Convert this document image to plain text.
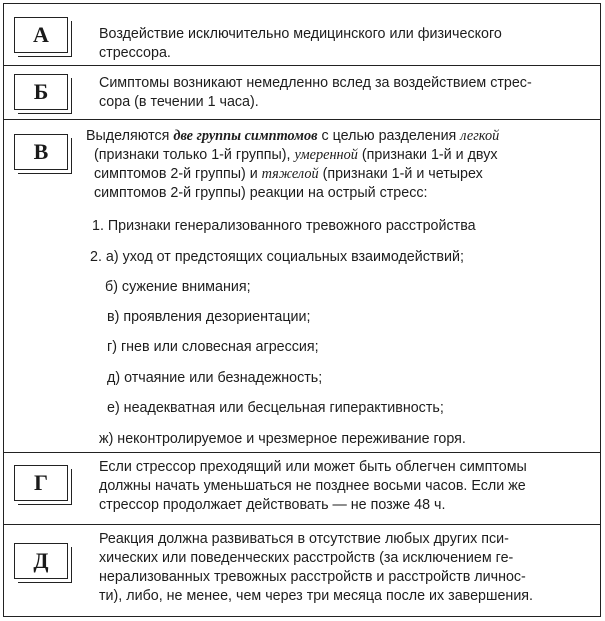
А	Воздействие исключительно медицинского или физического
стрессора.
Б	Симптомы возникают немедленно вслед за воздействием стрес-
сора (в течении 1 часа).
В
Выделяются две группы симптомов с целью разделения легкой
(признаки только 1-й группы), умеренной (признаки 1-й и двух
симптомов 2-й группы) и тяжелой (признаки 1-й и четырех
симптомов 2-й группы) реакции на острый стресс:
1. Признаки генерализованного тревожного расстройства
2. а) уход от предстоящих социальных взаимодействий;
б) сужение внимания;
в) проявления дезориентации;
г) гнев или словесная агрессия;
д) отчаяние или безнадежность;
е) неадекватная или бесцельная гиперактивность;
ж) неконтролируемое и чрезмерное переживание горя.
Г
Если стрессор преходящий или может быть облегчен симптомы
должны начать уменьшаться не позднее восьми часов. Если же
стрессор продолжает действовать — не позже 48 ч.
Д
Реакция должна развиваться в отсутствие любых других пси-
хических или поведенческих расстройств (за исключением ге-
нерализованных тревожных расстройств и расстройств личнос-
ти), либо, не менее, чем через три месяца после их завершения.
